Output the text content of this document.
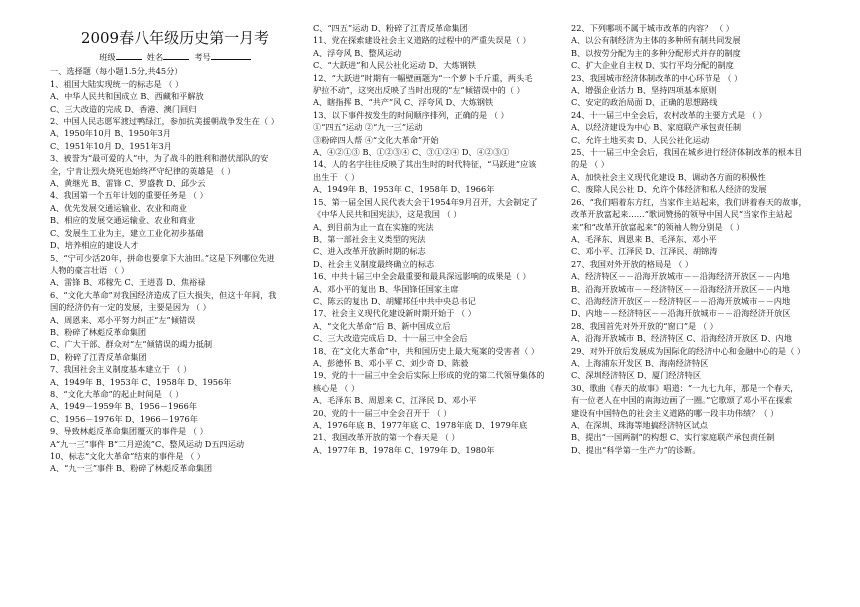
2009春八年级历史第一月考
班级	姓名	考号
一、选择题（每小题1.5分,共45分）
1、祖国大陆实现统一的标志是 （ ）
A、中华人民共和国成立 B、西藏和平解放
C、三大改造的完成 D、香港、澳门回归
2、中国人民志愿军渡过鸭绿江，参加抗美援朝战争发生在（ ）
A、1950年10月 B、1950年3月
C、1951年10月 D、1951年3月
3、被誉为“最可爱的人”中，为了战斗的胜利和潜伏部队的安
全，宁肯让烈火烧死也始终严守纪律的英雄是 （ ）
A、黄继光 B、雷锋 C、罗盛教 D、邱少云
4、我国第一个五年计划的重要任务是 （ ）
A、优先发展交通运输业、农业和商业
B、相应的发展交通运输业、农业和商业
C、发展生工业为主，建立工业化初步基础
D、培养相应的建设人才
5、“宁可少活20年，拼命也要拿下大油田。”这是下列哪位先进
人物的豪言壮语 （ ）
A、雷锋 B、邓稼先 C、王进喜 D、焦裕禄
6、“文化大革命”对我国经济造成了巨大损失，但这十年间，我
国的经济仍有一定的发展，主要是因为 （ ）
A、周恩来、邓小平努力纠正“左”倾错误
B、粉碎了林彪反革命集团
C、广大干部、群众对“左”倾错误的竭力抵制
D、粉碎了江青反革命集团
7、我国社会主义制度基本建立于 （ ）
A、1949年 B、1953年 C、1958年 D、1956年
8、“文化大革命”的起止时间是 （ ）
A、1949－1959年 B、1956－1966年
C、1956－1976年 D、1966－1976年
9、导致林彪反革命集团覆灭的事件是 （ ）
A“九一三”事件 B“二月逆流”C、整风运动 D五四运动
10、标志“文化大革命”结束的事件是 （ ）
A、“九一三”事件 B、粉碎了林彪反革命集团
C、“四五”运动 D、粉碎了江青反革命集团
11、党在探索建设社会主义道路的过程中的严重失误是（ ）
A、浮夸风 B、整风运动
C、“大跃进”和人民公社化运动 D、大炼钢铁
12、“大跃进”时期有一幅壁画题为“一个萝卜千斤重，两头毛
驴拉不动”，这突出反映了当时出现的“左”倾错误中的（ ）
A、瞎指挥 B、“共产”风 C、浮夸风 D、大炼钢铁
13、以下事件按发生的时间顺序排列，正确的是 （ ）
①“四五”运动 ②“九一三”运动
③粉碎四人帮 ④“文化大革命”开始
A、④②①③ B、①②③④ C、③①②④ D、④②③①
14、人的名字往往反映了其出生时的时代特征，“马跃进”应该
出生于 （ ）
A、1949年 B、1953年 C、1958年 D、1966年
15、第一届全国人民代表大会于1954年9月召开，大会制定了
《中华人民共和国宪法》，这是我国 （ ）
A、到目前为止一直在实施的宪法
B、第一部社会主义类型的宪法
C、进入改革开放新时期的标志
D、社会主义制度最终确立的标志
16、中共十届三中全会最重要和最具深远影响的成果是（ ）
A、邓小平的复出 B、华国锋任国家主席
C、陈云的复出 D、胡耀邦任中共中央总书记
17、社会主义现代化建设新时期开始于 （ ）
A、“文化大革命”后 B、新中国成立后
C、三大改造完成后 D、十一届三中全会后
18、在“文化大革命”中，共和国历史上最大冤案的受害者（ ）
A、彭德怀 B、邓小平 C、刘少奇 D、陈毅
19、党的十一届三中全会后实际上形成的党的第二代领导集体的
核心是 （ ）
A、毛泽东 B、周恩来 C、江泽民 D、邓小平
20、党的十一届三中全会召开于 （ ）
A、1976年底 B、1977年底 C、1978年底 D、1979年底
21、我国改革开放的第一个春天是 （ ）
A、1977年 B、1978年 C、1979年 D、1980年
22、下列哪项不属于城市改革的内容？ （ ）
A、以公有制经济为主体的多种所有制共同发展
B、以按劳分配为主的多种分配形式并存的制度
C、扩大企业自主权 D、实行平均分配的制度
23、我国城市经济体制改革的中心环节是 （ ）
A、增强企业活力 B、坚持四项基本原则
C、安定的政治局面 D、正确的思想路线
24、十一届三中全会后，农村改革的主要方式是 （ ）
A、以经济建设为中心 B、家庭联产承包责任制
C、允许土地买卖 D、人民公社化运动
25、十一届三中全会后，我国在城乡进行经济体制改革的根本目
的是 （ ）
A、加快社会主义现代化建设 B、调动各方面的积极性
C、废除人民公社 D、允许个体经济和私人经济的发展
26、“我们唱着东方红，当家作主站起来，我们讲着春天的故事，
改革开放富起来……”歌词赞扬的领导中国人民“当家作主站起
来”和“改革开放富起来”的领袖人物分别是 （ ）
A、毛泽东、周恩来 B、毛泽东、邓小平
C、邓小平、江泽民 D、江泽民、胡锦涛
27、我国对外开放的格局是 （ ）
A、经济特区－－沿海开放城市－－沿海经济开放区－－内地
B、沿海开放城市－－经济特区－－沿海经济开放区－－内地
C、沿海经济开放区－－经济特区－－沿海开放城市－－内地
D、内地－－经济特区－－沿海开放城市－－沿海经济开放区
28、我国首先对外开放的“窗口”是 （ ）
A、沿海开放城市 B、经济特区 C、沿海经济开放区 D、内地
29、对外开放后发展成为国际化的经济中心和金融中心的是（ ）
A、上海浦东开发区 B、海南经济特区
C、深圳经济特区 D、厦门经济特区
30、歌曲《春天的故事》唱道：“一九七九年，那是一个春天，
有一位老人在中国的南海边画了一圈。”它歌颂了邓小平在探索
建设有中国特色的社会主义道路的哪一段丰功伟绩？（ ）
A、在深圳、珠海等地搞经济特区试点
B、提出“一国两制”的构想 C、实行家庭联产承包责任制
D、提出“科学第一生产力”的诊断。
